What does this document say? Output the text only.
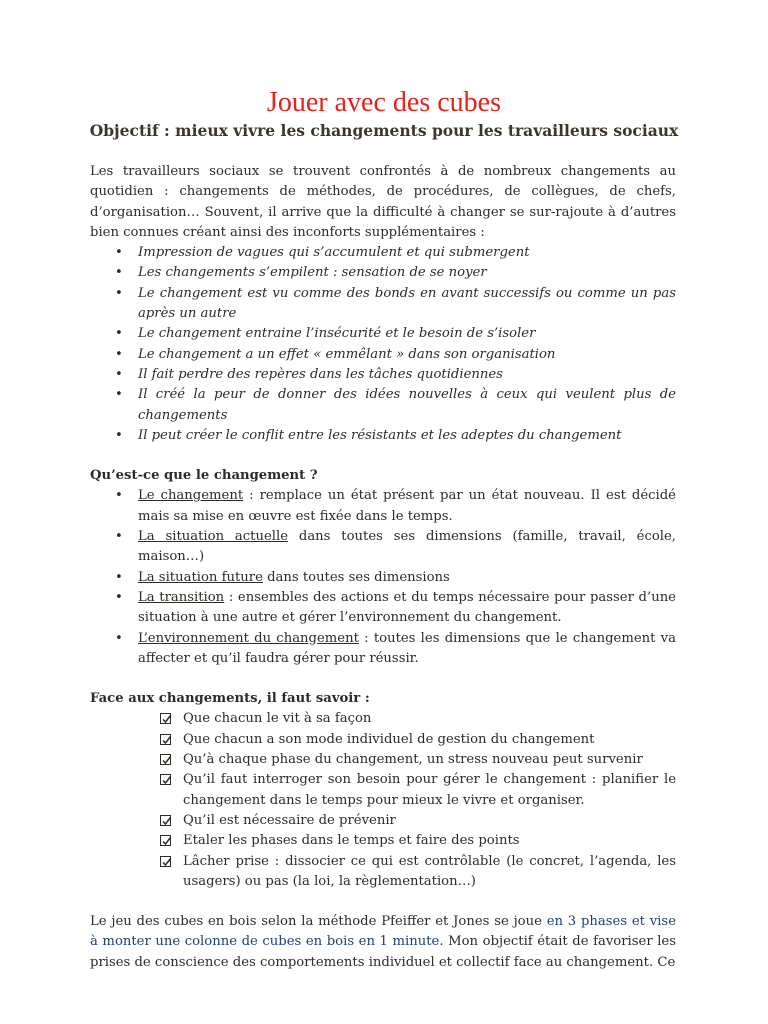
Jouer avec des cubes
Objectif : mieux vivre les changements pour les travailleurs sociaux

Les travailleurs sociaux se trouvent confrontés à de nombreux changements au quotidien : changements de méthodes, de procédures, de collègues, de chefs, d’organisation… Souvent, il arrive que la difficulté à changer se sur-rajoute à d’autres bien connues créant ainsi des inconforts supplémentaires :

• Impression de vagues qui s’accumulent et qui submergent
• Les changements s’empilent : sensation de se noyer
• Le changement est vu comme des bonds en avant successifs ou comme un pas après un autre
• Le changement entraine l’insécurité et le besoin de s’isoler
• Le changement a un effet « emmêlant » dans son organisation
• Il fait perdre des repères dans les tâches quotidiennes
• Il créé la peur de donner des idées nouvelles à ceux qui veulent plus de changements
• Il peut créer le conflit entre les résistants et les adeptes du changement
Qu’est-ce que le changement ?
• Le changement : remplace un état présent par un état nouveau. Il est décidé mais sa mise en œuvre est fixée dans le temps.
• La situation actuelle dans toutes ses dimensions (famille, travail, école, maison…)
• La situation future dans toutes ses dimensions
• La transition : ensembles des actions et du temps nécessaire pour passer d’une situation à une autre et gérer l’environnement du changement.
• L’environnement du changement : toutes les dimensions que le changement va affecter et qu’il faudra gérer pour réussir.
Face aux changements, il faut savoir :
Que chacun le vit à sa façon
Que chacun a son mode individuel de gestion du changement
Qu’à chaque phase du changement, un stress nouveau peut survenir
Qu’il faut interroger son besoin pour gérer le changement : planifier le changement dans le temps pour mieux le vivre et organiser.
Qu’il est nécessaire de prévenir
Etaler les phases dans le temps et faire des points
Lâcher prise : dissocier ce qui est contrôlable (le concret, l’agenda, les usagers) ou pas (la loi, la règlementation…)

Le jeu des cubes en bois selon la méthode Pfeiffer et Jones se joue en 3 phases et vise à monter une colonne de cubes en bois en 1 minute. Mon objectif était de favoriser les prises de conscience des comportements individuel et collectif face au changement. Ce
